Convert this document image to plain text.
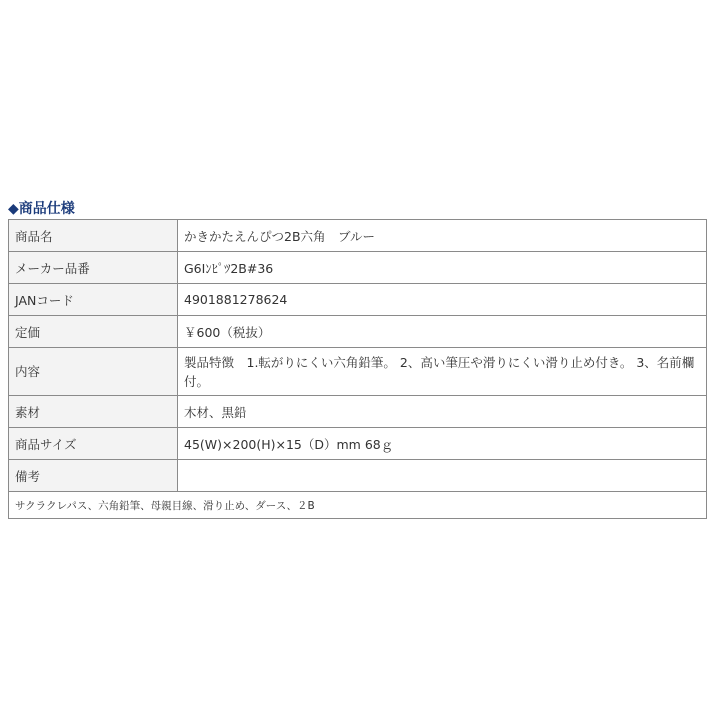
◆商品仕様
商品名	かきかたえんぴつ2B六角　ブルー
メーカー品番	G6Iﾝﾋﾟﾂ2B#36
JANコード	4901881278624
定価	￥600（税抜）
内容	製品特徴　1.転がりにくい六角鉛筆。 2、高い筆圧や滑りにくい滑り止め付き。 3、名前欄付。
素材	木材、黒鉛
商品サイズ	45(W)×200(H)×15（D）mm 68ｇ
備考	
サクラクレパス、六角鉛筆、母親目線、滑り止め、ダース、２B	
